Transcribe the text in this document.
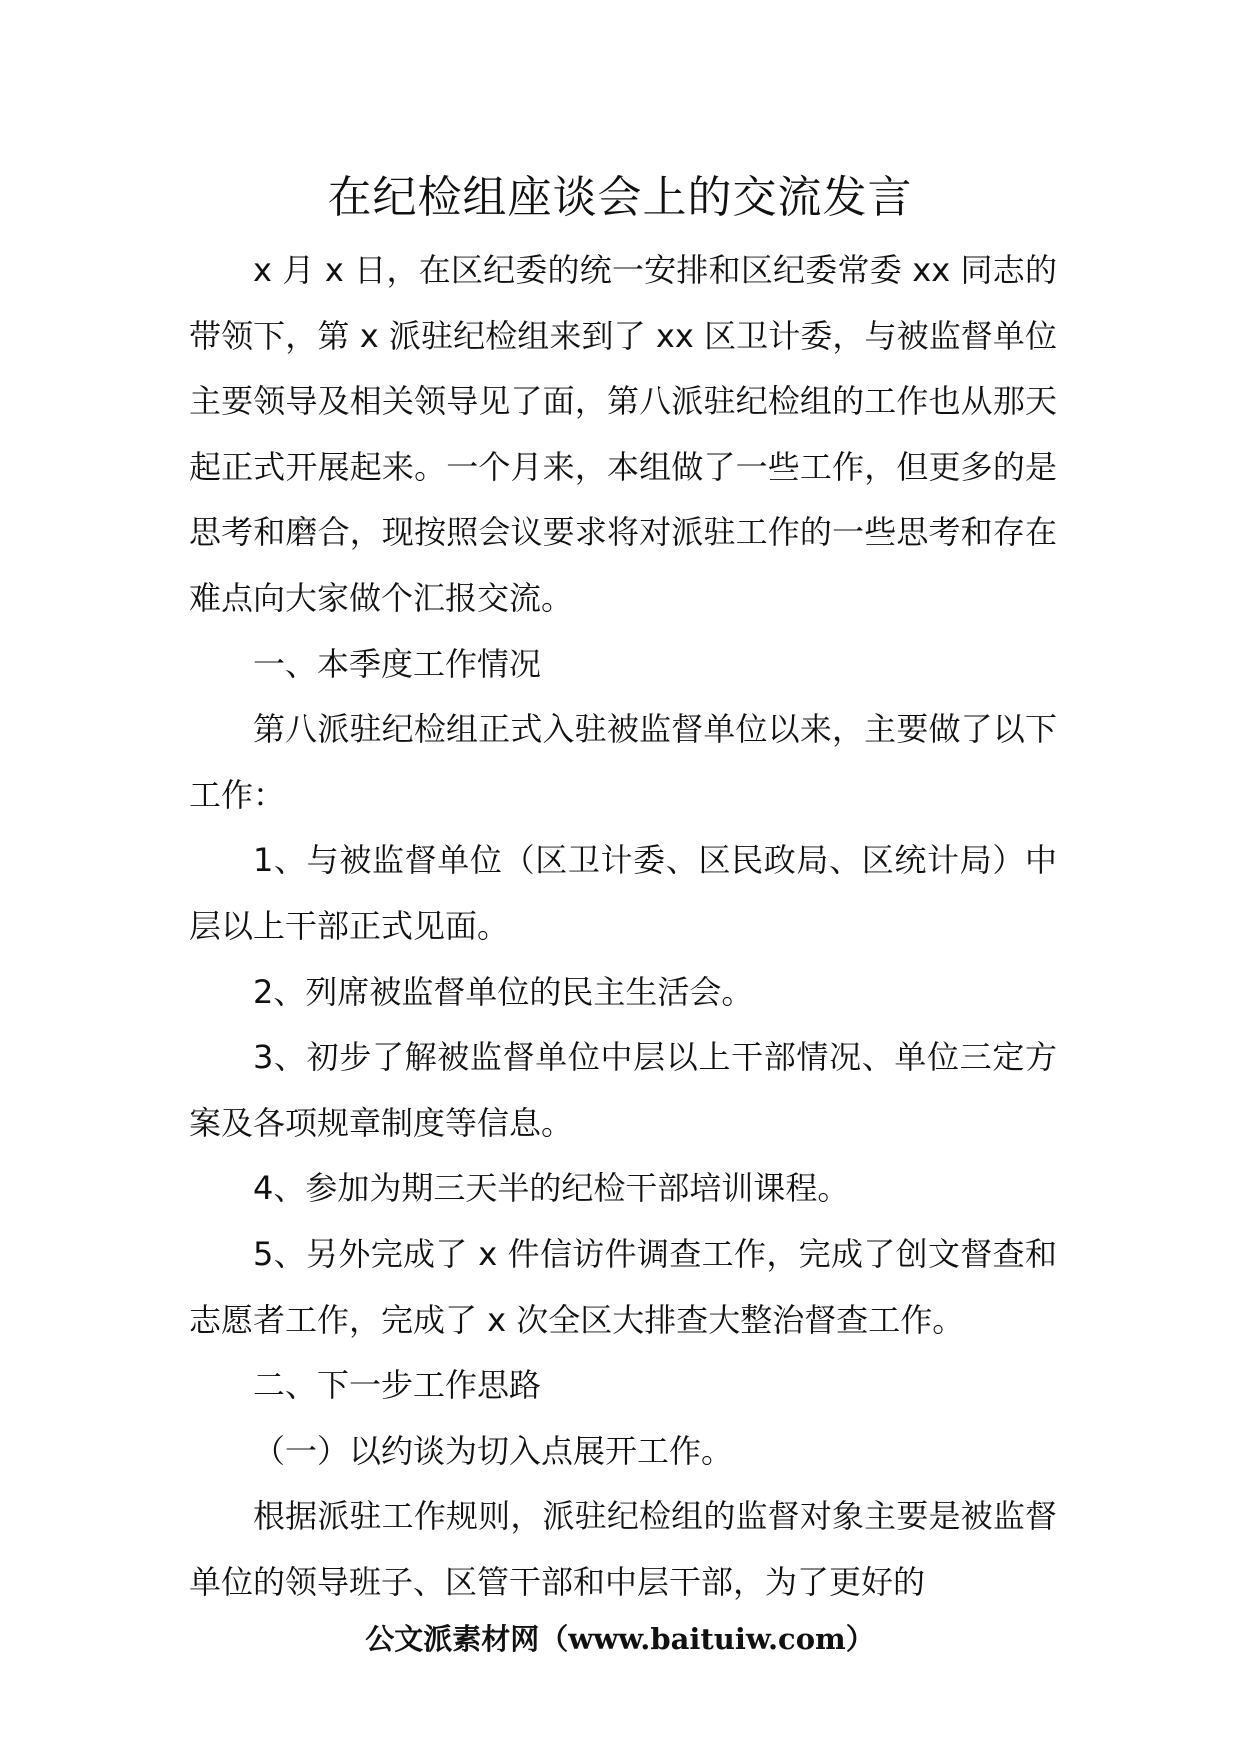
在纪检组座谈会上的交流发言

x 月 x 日，在区纪委的统一安排和区纪委常委 xx 同志的带领下，第 x 派驻纪检组来到了 xx 区卫计委，与被监督单位主要领导及相关领导见了面，第八派驻纪检组的工作也从那天起正式开展起来。一个月来，本组做了一些工作，但更多的是思考和磨合，现按照会议要求将对派驻工作的一些思考和存在难点向大家做个汇报交流。

一、本季度工作情况

第八派驻纪检组正式入驻被监督单位以来，主要做了以下工作：

1、与被监督单位（区卫计委、区民政局、区统计局）中层以上干部正式见面。

2、列席被监督单位的民主生活会。

3、初步了解被监督单位中层以上干部情况、单位三定方案及各项规章制度等信息。

4、参加为期三天半的纪检干部培训课程。

5、另外完成了 x 件信访件调查工作，完成了创文督查和志愿者工作，完成了 x 次全区大排查大整治督查工作。

二、下一步工作思路

（一）以约谈为切入点展开工作。

根据派驻工作规则，派驻纪检组的监督对象主要是被监督单位的领导班子、区管干部和中层干部，为了更好的

公文派素材网（www.baituiw.com）
